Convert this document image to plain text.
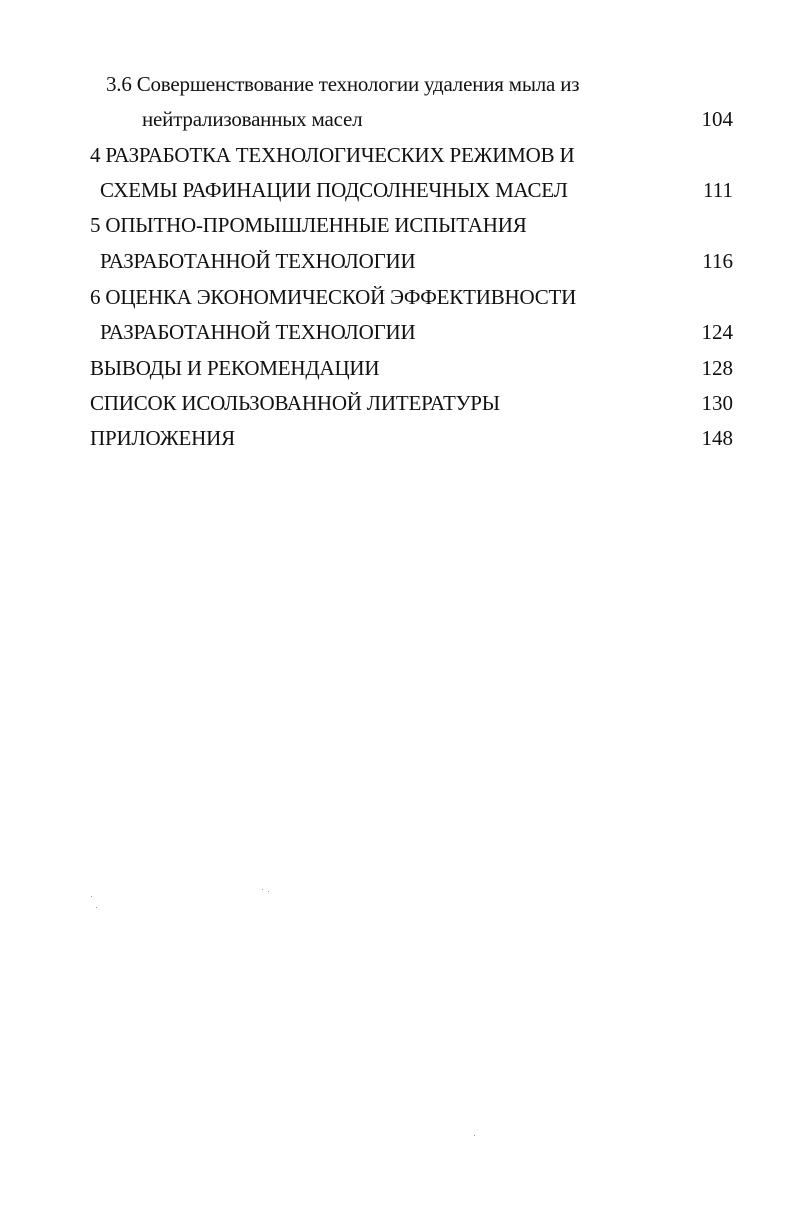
3.6 Совершенствование технологии удаления мыла из
нейтрализованных масел	104
4 РАЗРАБОТКА ТЕХНОЛОГИЧЕСКИХ РЕЖИМОВ И
СХЕМЫ РАФИНАЦИИ ПОДСОЛНЕЧНЫХ МАСЕЛ	111
5 ОПЫТНО-ПРОМЫШЛЕННЫЕ ИСПЫТАНИЯ
РАЗРАБОТАННОЙ ТЕХНОЛОГИИ	116
6 ОЦЕНКА ЭКОНОМИЧЕСКОЙ ЭФФЕКТИВНОСТИ
РАЗРАБОТАННОЙ ТЕХНОЛОГИИ	124
ВЫВОДЫ И РЕКОМЕНДАЦИИ	128
СПИСОК ИСОЛЬЗОВАННОЙ ЛИТЕРАТУРЫ	130
ПРИЛОЖЕНИЯ	148
